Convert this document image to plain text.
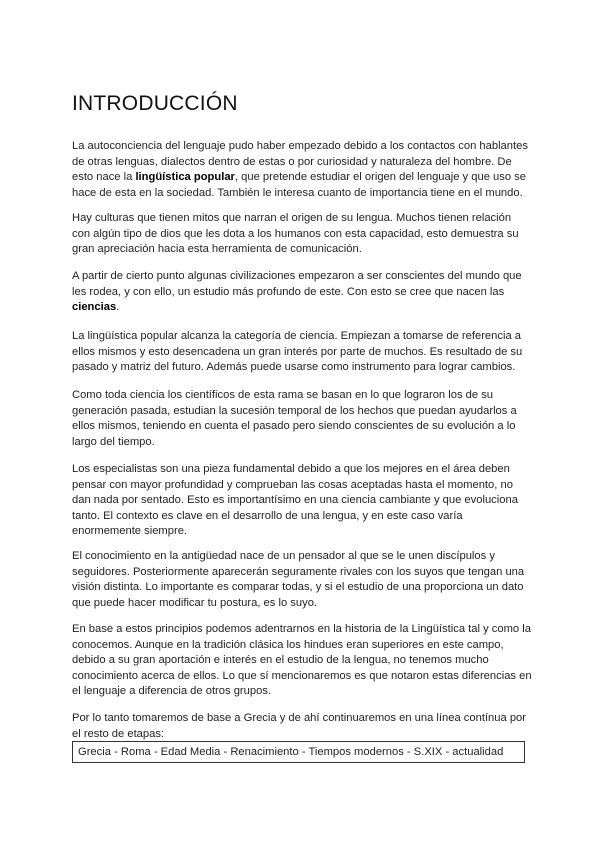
INTRODUCCIÓN

La autoconciencia del lenguaje pudo haber empezado debido a los contactos con hablantes de otras lenguas, dialectos dentro de estas o por curiosidad y naturaleza del hombre. De esto nace la lingüística popular, que pretende estudiar el origen del lenguaje y que uso se hace de esta en la sociedad. También le interesa cuanto de importancia tiene en el mundo.

Hay culturas que tienen mitos que narran el origen de su lengua. Muchos tienen relación con algún tipo de dios que les dota a los humanos con esta capacidad, esto demuestra su gran apreciación hacia esta herramienta de comunicación.

A partir de cierto punto algunas civilizaciones empezaron a ser conscientes del mundo que les rodea, y con ello, un estudio más profundo de este. Con esto se cree que nacen las ciencias.

La lingüística popular alcanza la categoría de ciencia. Empiezan a tomarse de referencia a ellos mismos y esto desencadena un gran interés por parte de muchos. Es resultado de su pasado y matriz del futuro. Además puede usarse como instrumento para lograr cambios.

Como toda ciencia los científicos de esta rama se basan en lo que lograron los de su generación pasada, estudian la sucesión temporal de los hechos que puedan ayudarlos a ellos mismos, teniendo en cuenta el pasado pero siendo conscientes de su evolución a lo largo del tiempo.

Los especialistas son una pieza fundamental debido a que los mejores en el área deben pensar con mayor profundidad y comprueban las cosas aceptadas hasta el momento, no dan nada por sentado. Esto es importantísimo en una ciencia cambiante y que evoluciona tanto. El contexto es clave en el desarrollo de una lengua, y en este caso varía enormemente siempre.

El conocimiento en la antigüedad nace de un pensador al que se le unen discípulos y seguidores. Posteriormente aparecerán seguramente rivales con los suyos que tengan una visión distinta. Lo importante es comparar todas, y si el estudio de una proporciona un dato que puede hacer modificar tu postura, es lo suyo.

En base a estos principios podemos adentrarnos en la historia de la Lingüística tal y como la conocemos. Aunque en la tradición clásica los hindues eran superiores en este campo, debido a su gran aportación e interés en el estudio de la lengua, no tenemos mucho conocimiento acerca de ellos. Lo que sí mencionaremos es que notaron estas diferencias en el lenguaje a diferencia de otros grupos.

Por lo tanto tomaremos de base a Grecia y de ahí continuaremos en una línea contínua por el resto de etapas:

Grecia - Roma - Edad Media - Renacimiento - Tiempos modernos - S.XIX - actualidad
